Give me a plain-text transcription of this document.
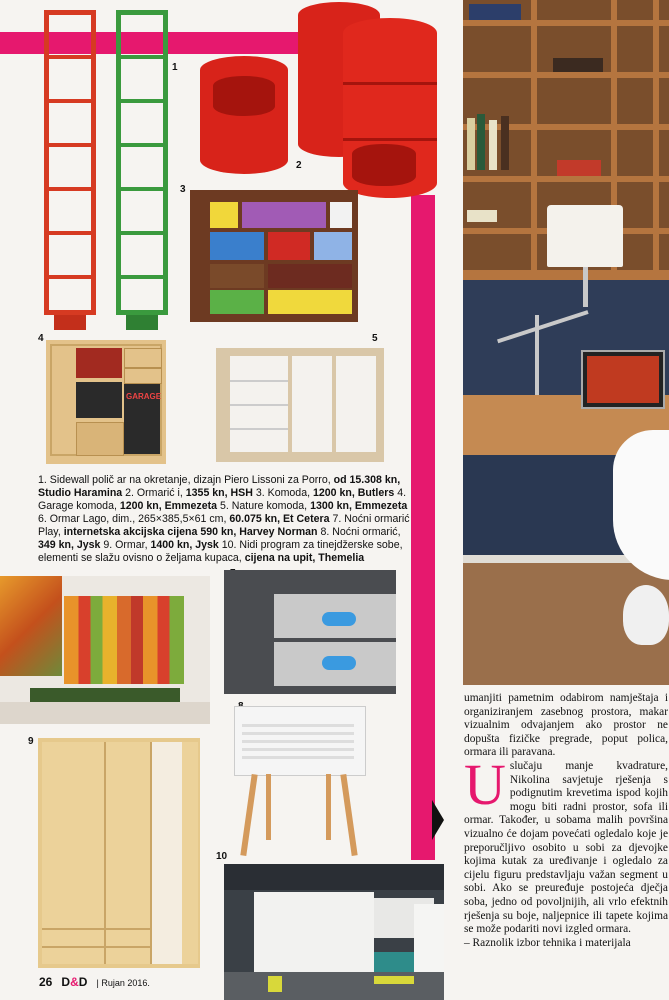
1
2
3
4
GARAGE
5
1. Sidewall polič ar na okretanje, dizajn Piero Lissoni za Porro, od 15.308 kn, Studio Haramina 2. Ormarić i, 1355 kn, HSH 3. Komoda, 1200 kn, Butlers 4. Garage komoda, 1200 kn, Emmezeta 5. Nature komoda, 1300 kn, Emmezeta 6. Ormar Lago, dim., 265×385,5×61 cm, 60.075 kn, Et Cetera 7. Noćni ormarić Play, internetska akcijska cijena 590 kn, Harvey Norman 8. Noćni ormarić, 349 kn, Jysk 9. Ormar, 1400 kn, Jysk 10. Nidi program za tinejdžerske sobe, elementi se slažu ovisno o željama kupaca, cijena na upit, Themelia
9
10

umanjiti pametnim odabirom namještaja i organiziranjem zasebnog prostora, makar vizualnim odvajanjem ako prostor ne dopušta fizičke pregrade, poput polica, ormara ili paravana.

U slučaju manje kvadrature, Nikolina savjetuje rješenja s podignutim krevetima ispod kojih mogu biti radni prostor, sofa ili ormar. Također, u sobama malih površina vizualno će dojam povećati ogledalo koje je preporučljivo osobito u sobi za djevojke kojima kutak za uređivanje i ogledalo za cijelu figuru predstavljaju važan segment u sobi. Ako se preuređuje postojeća dječja soba, jedno od povoljnijih, ali vrlo efektnih rješenja su boje, naljepnice ili tapete kojima se može podariti novi izgled ormara.

– Raznolik izbor tehnika i materijala

26 D&D | Rujan 2016.
